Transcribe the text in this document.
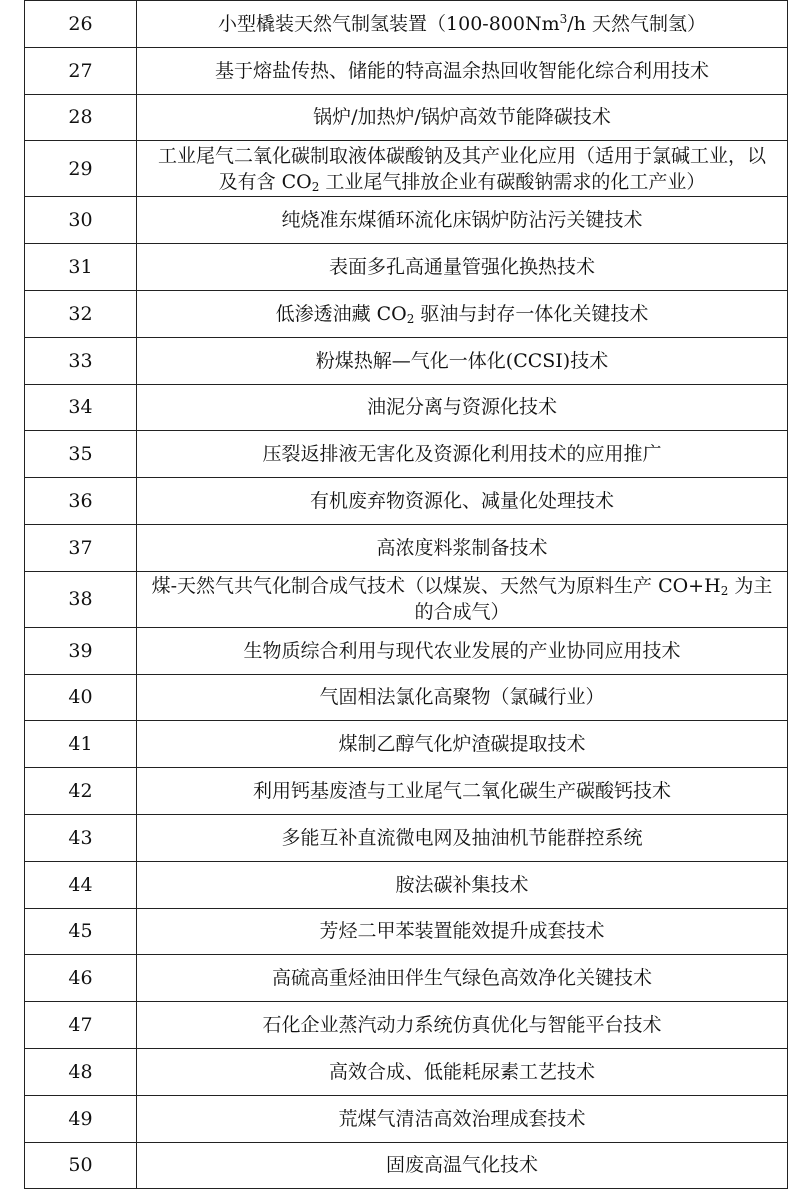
26	小型橇装天然气制氢装置（100-800Nm$^3$/h 天然气制氢）
27	基于熔盐传热、储能的特高温余热回收智能化综合利用技术
28	锅炉/加热炉/锅炉高效节能降碳技术
29	工业尾气二氧化碳制取液体碳酸钠及其产业化应用（适用于氯碱工业，以及有含 $CO_2$ 工业尾气排放企业有碳酸钠需求的化工产业）
30	纯烧准东煤循环流化床锅炉防沾污关键技术
31	表面多孔高通量管强化换热技术
32	低渗透油藏 $CO_2$ 驱油与封存一体化关键技术
33	粉煤热解—气化一体化(CCSI)技术
34	油泥分离与资源化技术
35	压裂返排液无害化及资源化利用技术的应用推广
36	有机废弃物资源化、减量化处理技术
37	高浓度料浆制备技术
38	煤-天然气共气化制合成气技术（以煤炭、天然气为原料生产 $CO+H_2$ 为主的合成气）
39	生物质综合利用与现代农业发展的产业协同应用技术
40	气固相法氯化高聚物（氯碱行业）
41	煤制乙醇气化炉渣碳提取技术
42	利用钙基废渣与工业尾气二氧化碳生产碳酸钙技术
43	多能互补直流微电网及抽油机节能群控系统
44	胺法碳补集技术
45	芳烃二甲苯装置能效提升成套技术
46	高硫高重烃油田伴生气绿色高效净化关键技术
47	石化企业蒸汽动力系统仿真优化与智能平台技术
48	高效合成、低能耗尿素工艺技术
49	荒煤气清洁高效治理成套技术
50	固废高温气化技术
